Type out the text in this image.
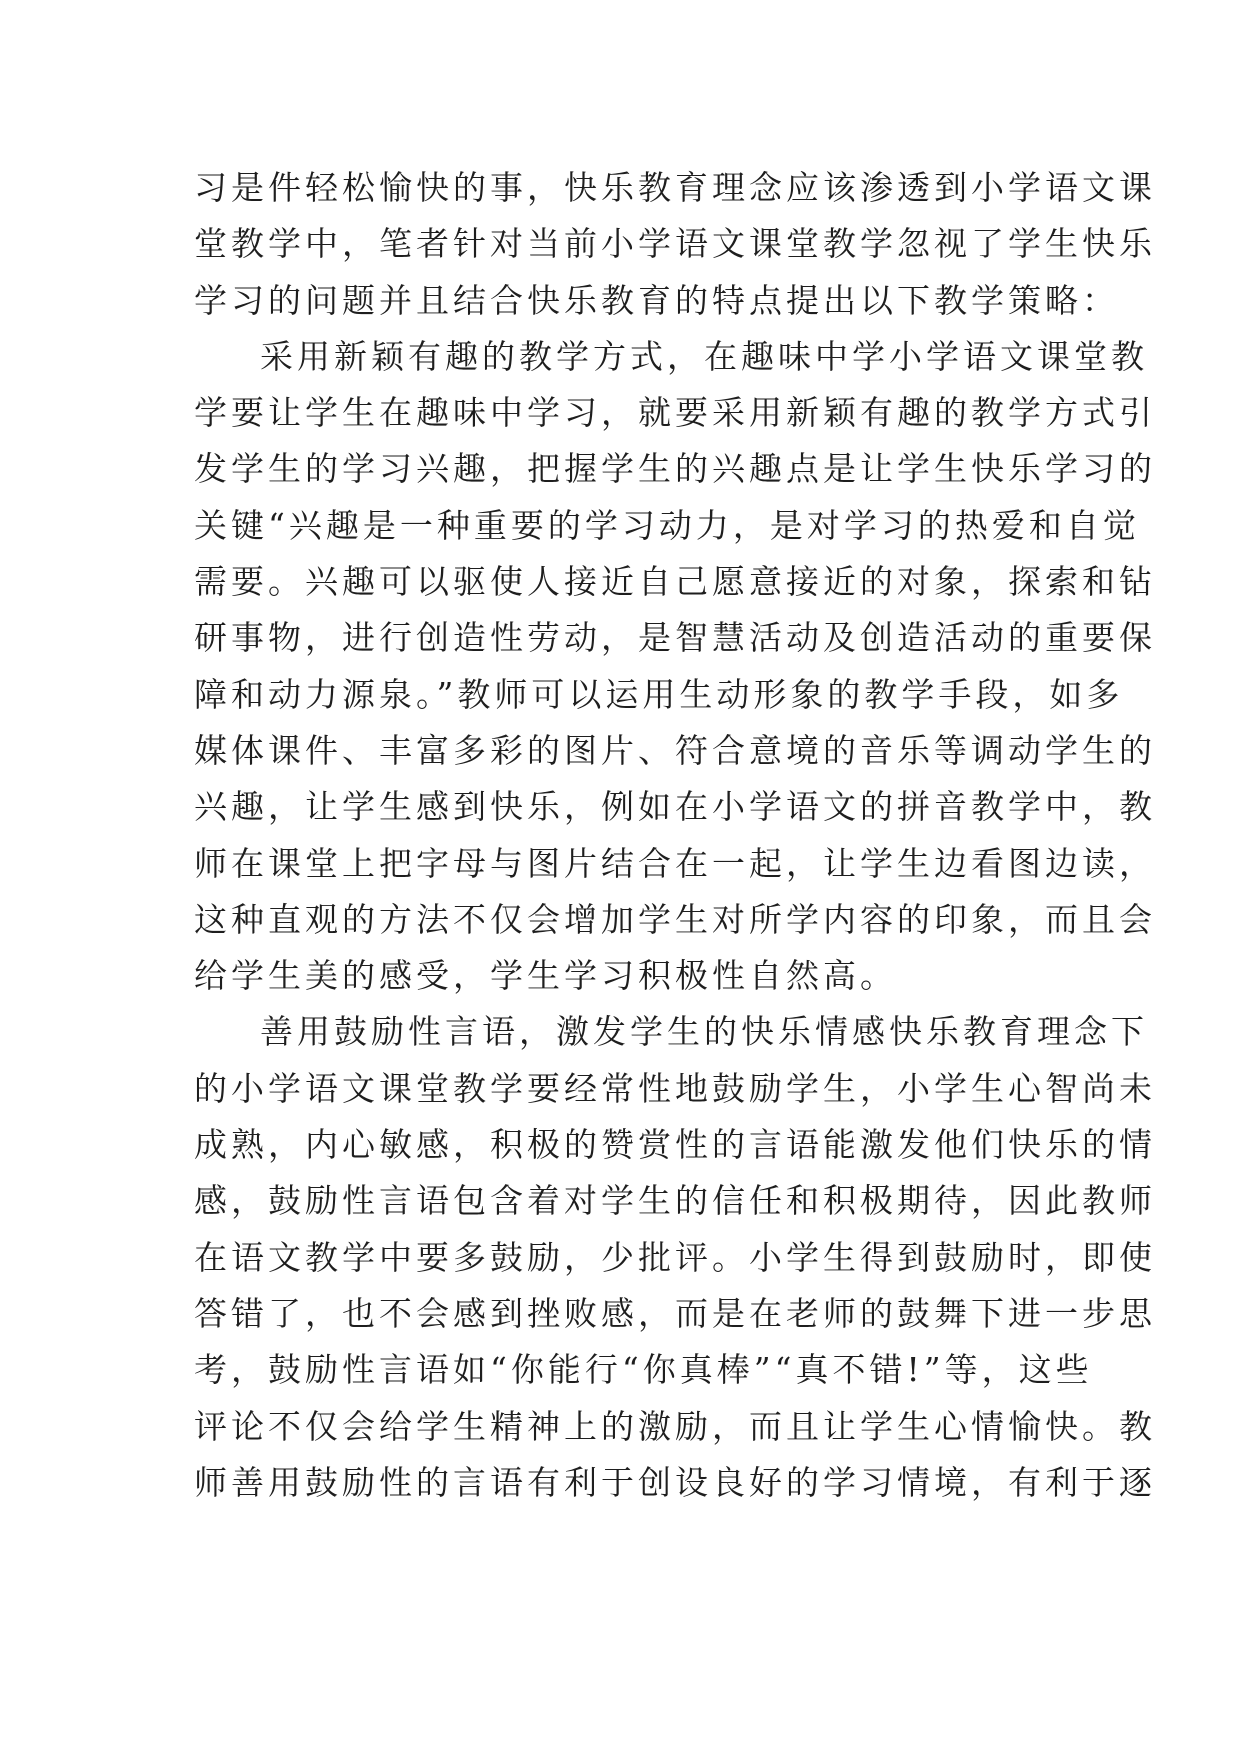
习是件轻松愉快的事，快乐教育理念应该渗透到小学语文课
堂教学中，笔者针对当前小学语文课堂教学忽视了学生快乐
学习的问题并且结合快乐教育的特点提出以下教学策略：
采用新颖有趣的教学方式，在趣味中学小学语文课堂教
学要让学生在趣味中学习，就要采用新颖有趣的教学方式引
发学生的学习兴趣，把握学生的兴趣点是让学生快乐学习的
关键“兴趣是一种重要的学习动力，是对学习的热爱和自觉
需要。兴趣可以驱使人接近自己愿意接近的对象，探索和钻
研事物，进行创造性劳动，是智慧活动及创造活动的重要保
障和动力源泉。”教师可以运用生动形象的教学手段，如多
媒体课件、丰富多彩的图片、符合意境的音乐等调动学生的
兴趣，让学生感到快乐，例如在小学语文的拼音教学中，教
师在课堂上把字母与图片结合在一起，让学生边看图边读，
这种直观的方法不仅会增加学生对所学内容的印象，而且会
给学生美的感受，学生学习积极性自然高。
善用鼓励性言语，激发学生的快乐情感快乐教育理念下
的小学语文课堂教学要经常性地鼓励学生，小学生心智尚未
成熟，内心敏感，积极的赞赏性的言语能激发他们快乐的情
感，鼓励性言语包含着对学生的信任和积极期待，因此教师
在语文教学中要多鼓励，少批评。小学生得到鼓励时，即使
答错了，也不会感到挫败感，而是在老师的鼓舞下进一步思
考，鼓励性言语如“你能行“你真棒”“真不错!”等，这些
评论不仅会给学生精神上的激励，而且让学生心情愉快。教
师善用鼓励性的言语有利于创设良好的学习情境，有利于逐
